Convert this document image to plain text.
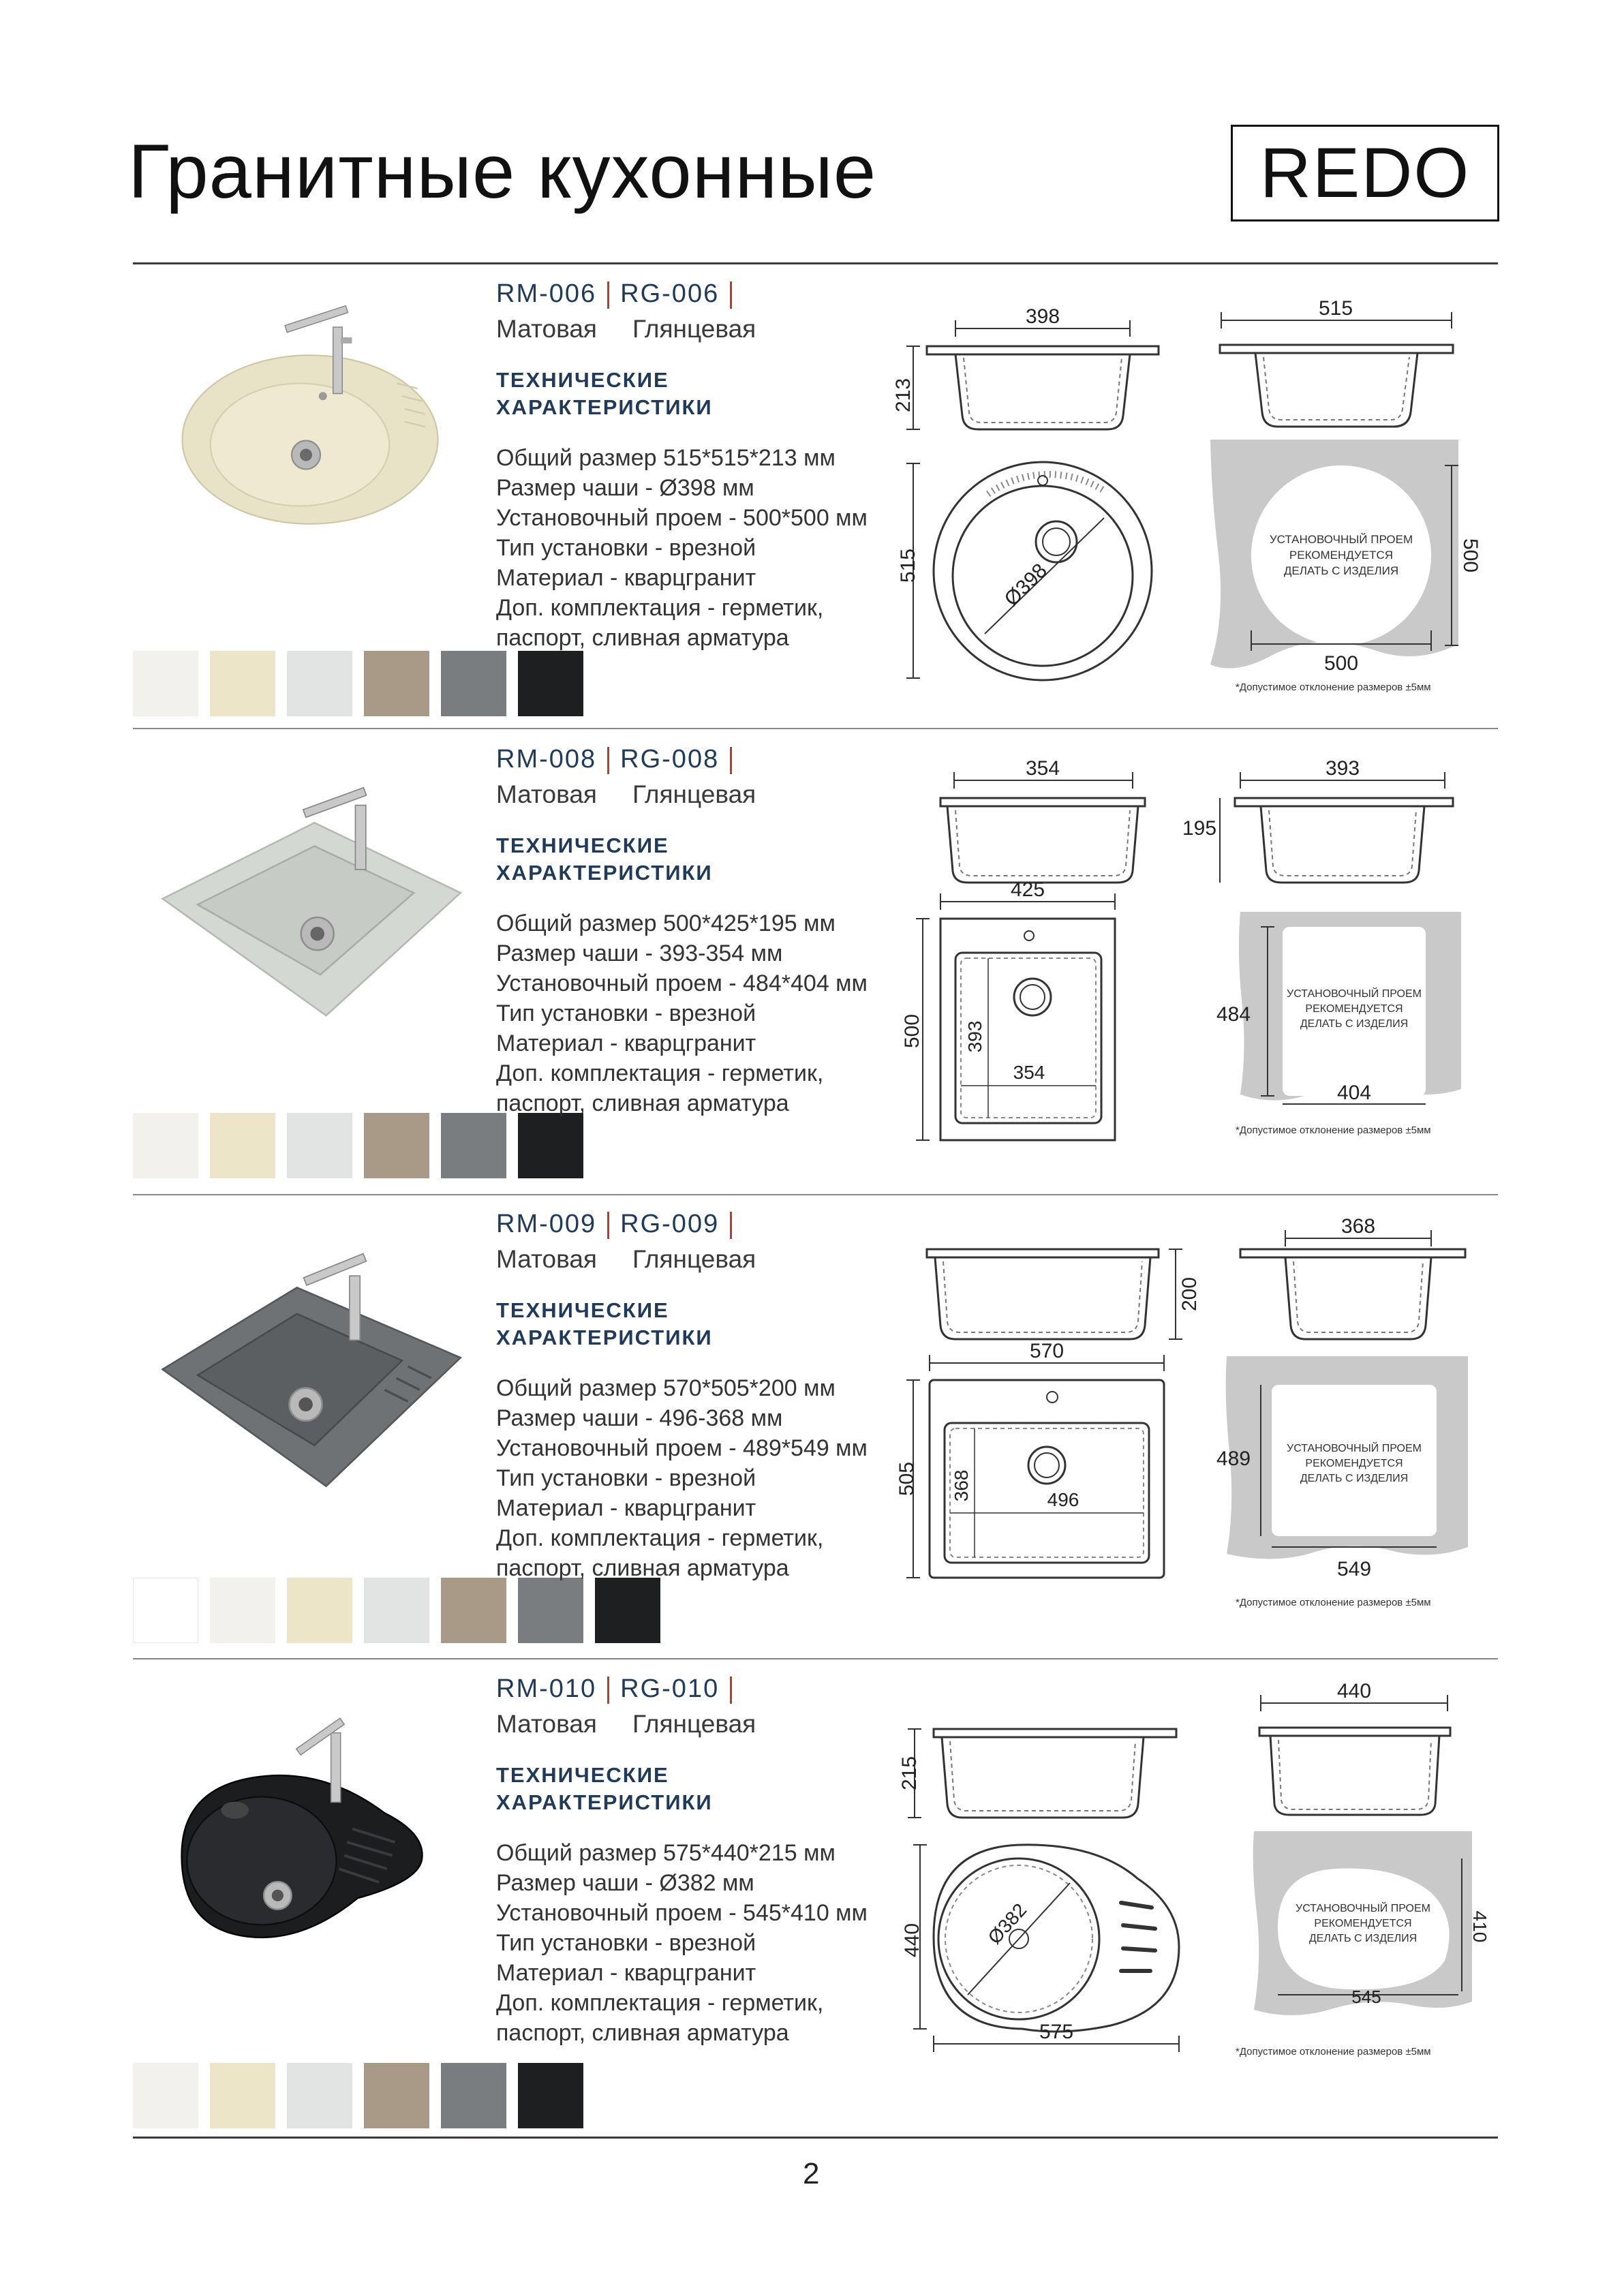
Гранитные кухонные	REDO
RM-006 RG-006
Матовая Глянцевая
ТЕХНИЧЕСКИЕ
ХАРАКТЕРИСТИКИ
Общий размер 515*515*213 мм
Размер чаши - Ø398 мм
Установочный проем - 500*500 мм
Тип установки - врезной
Материал - кварцгранит
Доп. комплектация - герметик,
паспорт, сливная арматура
398
213
515
515	Ø398
500
500
УСТАНОВОЧНЫЙ ПРОЕМ
РЕКОМЕНДУЕТСЯ
ДЕЛАТЬ С ИЗДЕЛИЯ
*Допустимое отклонение размеров ±5мм
RM-008 RG-008
Матовая Глянцевая
ТЕХНИЧЕСКИЕ
ХАРАКТЕРИСТИКИ
Общий размер 500*425*195 мм
Размер чаши - 393-354 мм
Установочный проем - 484*404 мм
Тип установки - врезной
Материал - кварцгранит
Доп. комплектация - герметик,
паспорт, сливная арматура
354	393
195
425
500 393
354
484
404
УСТАНОВОЧНЫЙ ПРОЕМ
РЕКОМЕНДУЕТСЯ
ДЕЛАТЬ С ИЗДЕЛИЯ
*Допустимое отклонение размеров ±5мм
RM-009 RG-009
Матовая Глянцевая
ТЕХНИЧЕСКИЕ
ХАРАКТЕРИСТИКИ
Общий размер 570*505*200 мм
Размер чаши - 496-368 мм
Установочный проем - 489*549 мм
Тип установки - врезной
Материал - кварцгранит
Доп. комплектация - герметик,
паспорт, сливная арматура
200
368
570
505 368	496
489
549
УСТАНОВОЧНЫЙ ПРОЕМ
РЕКОМЕНДУЕТСЯ
ДЕЛАТЬ С ИЗДЕЛИЯ
*Допустимое отклонение размеров ±5мм
RM-010 RG-010
Матовая Глянцевая
ТЕХНИЧЕСКИЕ
ХАРАКТЕРИСТИКИ
Общий размер 575*440*215 мм
Размер чаши - Ø382 мм
Установочный проем - 545*410 мм
Тип установки - врезной
Материал - кварцгранит
Доп. комплектация - герметик,
паспорт, сливная арматура
215
440
440	Ø382
575
545
410
УСТАНОВОЧНЫЙ ПРОЕМ
РЕКОМЕНДУЕТСЯ
ДЕЛАТЬ С ИЗДЕЛИЯ
*Допустимое отклонение размеров ±5мм
2
